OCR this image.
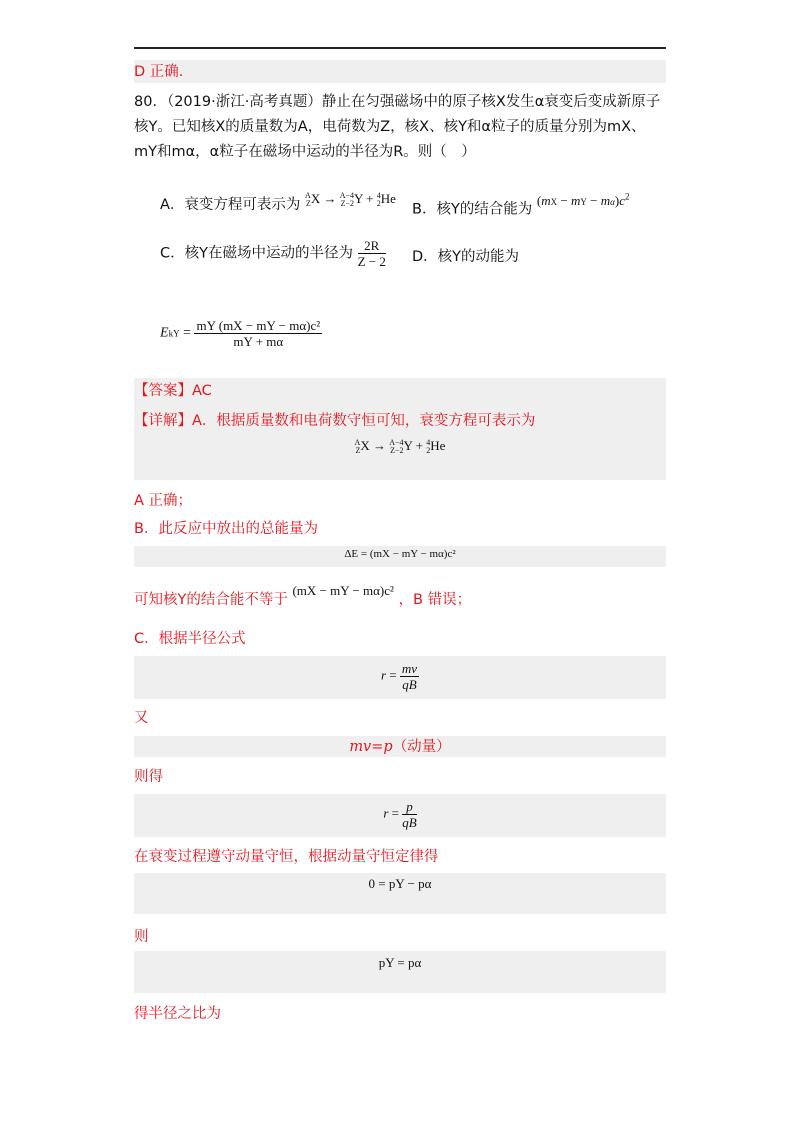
D 正确．
80．（2019·浙江·高考真题）静止在匀强磁场中的原子核X发生α衰变后变成新原子
核Y。已知核X的质量数为A，电荷数为Z，核X、核Y和α粒子的质量分别为mX、
mY和mα，α粒子在磁场中运动的半径为R。则（　）
A．衰变方程可表示为 A
ZX → A−4
Z−2Y + 4
2He
B．核Y的结合能为 (mX − mY − $m\alpha)c^2$
C．核Y在磁场中运动的半径为 $\frac{2R}{Z - 2}$ D．核Y的动能为
EkY = $\frac{\text{mY (mX − mY − mα)c²}}{mY + m\alpha}$
【答案】AC
【详解】A．根据质量数和电荷数守恒可知，衰变方程可表示为
A
ZX → A−4
Z−2Y + 4
2He
A 正确；
B．此反应中放出的总能量为
ΔE = (mX − mY − mα)c²
可知核Y的结合能不等于 (mX − mY − mα)c² ，B 错误；
C．根据半径公式
$r = \frac{mv}{qB}$
又
mv=p（动量）
则得
$r = \frac{p}{qB}$
在衰变过程遵守动量守恒，根据动量守恒定律得
0 = pY − pα
则
pY = pα
得半径之比为
